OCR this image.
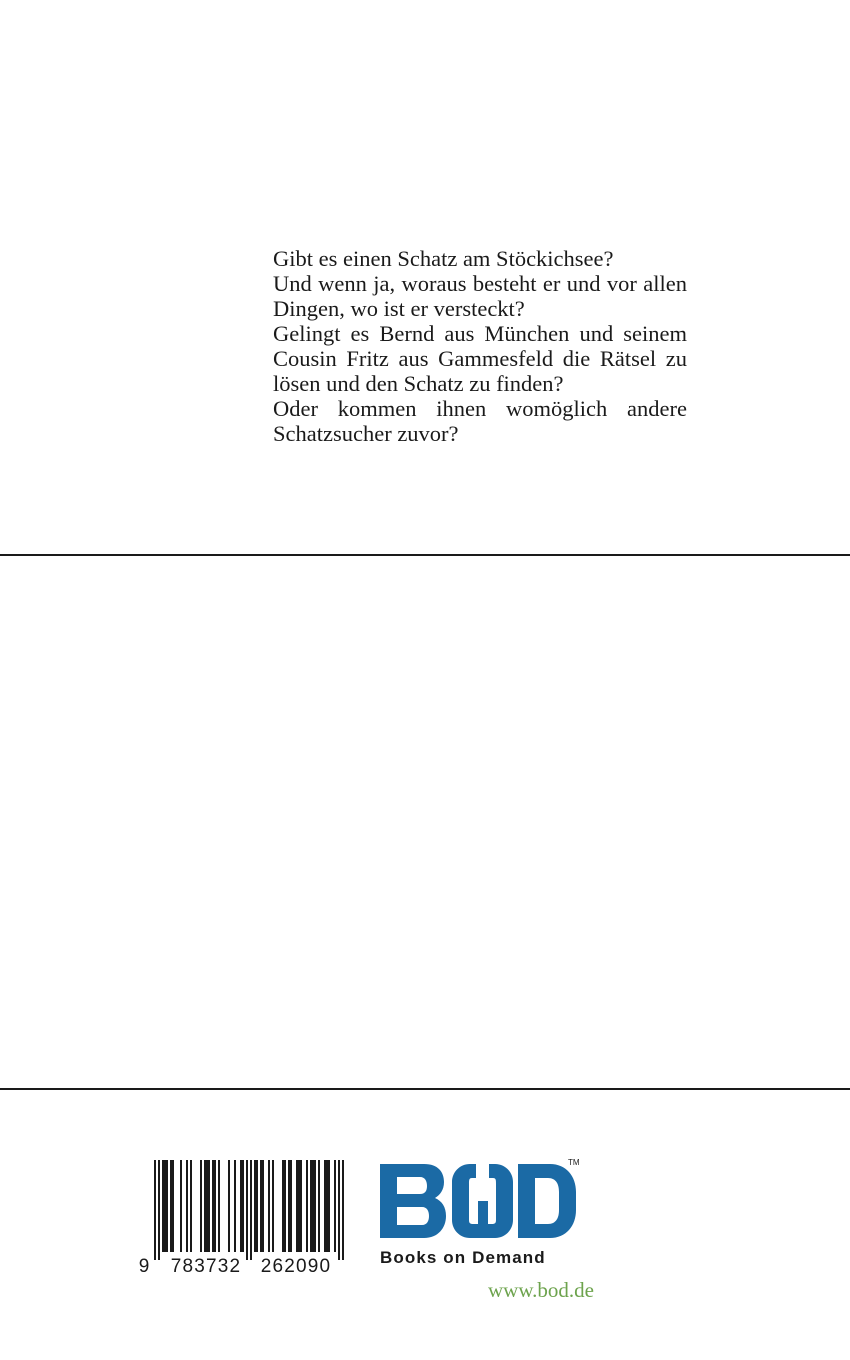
Gibt es einen Schatz am Stöckichsee?

Und wenn ja, woraus besteht er und vor allen Dingen, wo ist er versteckt?

Gelingt es Bernd aus München und seinem Cousin Fritz aus Gammesfeld die Rätsel zu lösen und den Schatz zu finden?

Oder kommen ihnen womöglich andere Schatzsucher zuvor?

9 783732 262090
TM
Books on Demand
www.bod.de
